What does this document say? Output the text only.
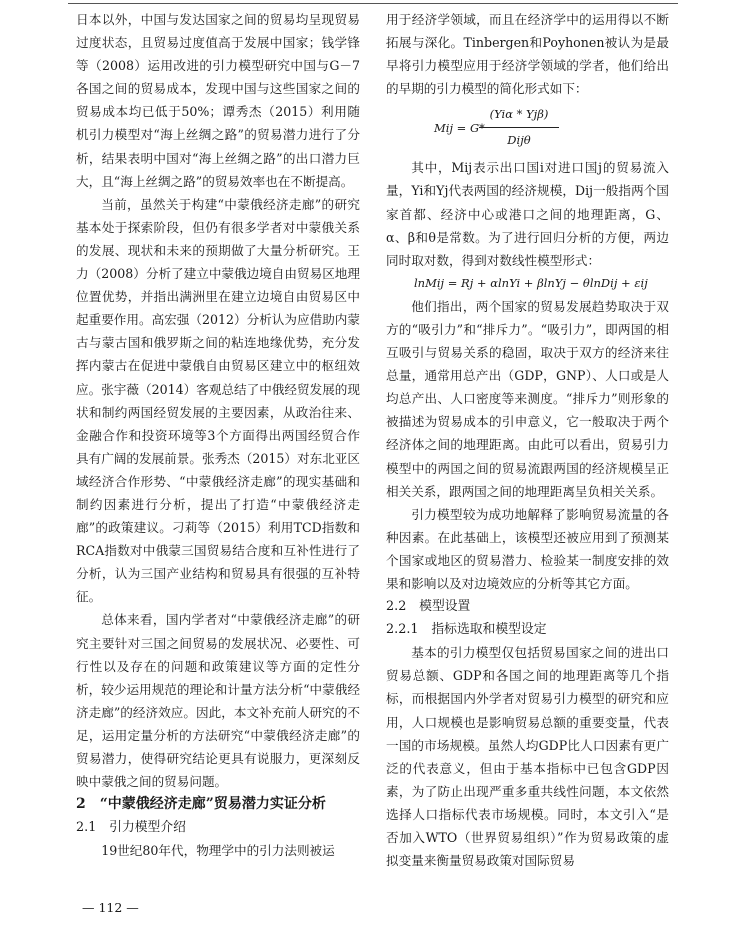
日本以外，中国与发达国家之间的贸易均呈现贸易过度状态，且贸易过度值高于发展中国家；钱学锋等（2008）运用改进的引力模型研究中国与G－7各国之间的贸易成本，发现中国与这些国家之间的贸易成本均已低于50%；谭秀杰（2015）利用随机引力模型对“海上丝绸之路”的贸易潜力进行了分析，结果表明中国对“海上丝绸之路”的出口潜力巨大，且“海上丝绸之路”的贸易效率也在不断提高。

当前，虽然关于构建“中蒙俄经济走廊”的研究基本处于探索阶段，但仍有很多学者对中蒙俄关系的发展、现状和未来的预期做了大量分析研究。王力（2008）分析了建立中蒙俄边境自由贸易区地理位置优势，并指出满洲里在建立边境自由贸易区中起重要作用。高宏强（2012）分析认为应借助内蒙古与蒙古国和俄罗斯之间的粘连地缘优势，充分发挥内蒙古在促进中蒙俄自由贸易区建立中的枢纽效应。张宇薇（2014）客观总结了中俄经贸发展的现状和制约两国经贸发展的主要因素，从政治往来、金融合作和投资环境等3个方面得出两国经贸合作具有广阔的发展前景。张秀杰（2015）对东北亚区域经济合作形势、“中蒙俄经济走廊”的现实基础和制约因素进行分析，提出了打造“中蒙俄经济走廊”的政策建议。刁莉等（2015）利用TCD指数和RCA指数对中俄蒙三国贸易结合度和互补性进行了分析，认为三国产业结构和贸易具有很强的互补特征。

总体来看，国内学者对“中蒙俄经济走廊”的研究主要针对三国之间贸易的发展状况、必要性、可行性以及存在的问题和政策建议等方面的定性分析，较少运用规范的理论和计量方法分析“中蒙俄经济走廊”的经济效应。因此，本文补充前人研究的不足，运用定量分析的方法研究“中蒙俄经济走廊”的贸易潜力，使得研究结论更具有说服力，更深刻反映中蒙俄之间的贸易问题。

2　“中蒙俄经济走廊”贸易潜力实证分析

2.1　引力模型介绍

19世纪80年代，物理学中的引力法则被运

用于经济学领域，而且在经济学中的运用得以不断拓展与深化。Tinbergen和Poyhonen被认为是最早将引力模型应用于经济学领域的学者，他们给出的早期的引力模型的简化形式如下：

Mij = G*
(Yiα * Yjβ)
Dijθ

其中，Mij表示出口国i对进口国j的贸易流入量，Yi和Yj代表两国的经济规模，Dij一般指两个国家首都、经济中心或港口之间的地理距离，G、α、β和θ是常数。为了进行回归分析的方便，两边同时取对数，得到对数线性模型形式：

lnMij = Rj + αlnYi + βlnYj − θlnDij + εij

他们指出，两个国家的贸易发展趋势取决于双方的“吸引力”和“排斥力”。“吸引力”，即两国的相互吸引与贸易关系的稳固，取决于双方的经济来往总量，通常用总产出（GDP，GNP）、人口或是人均总产出、人口密度等来测度。“排斥力”则形象的被描述为贸易成本的引申意义，它一般取决于两个经济体之间的地理距离。由此可以看出，贸易引力模型中的两国之间的贸易流跟两国的经济规模呈正相关关系，跟两国之间的地理距离呈负相关关系。

引力模型较为成功地解释了影响贸易流量的各种因素。在此基础上，该模型还被应用到了预测某个国家或地区的贸易潜力、检验某一制度安排的效果和影响以及对边境效应的分析等其它方面。

2.2　模型设置

2.2.1　指标选取和模型设定

基本的引力模型仅包括贸易国家之间的进出口贸易总额、GDP和各国之间的地理距离等几个指标，而根据国内外学者对贸易引力模型的研究和应用，人口规模也是影响贸易总额的重要变量，代表一国的市场规模。虽然人均GDP比人口因素有更广泛的代表意义，但由于基本指标中已包含GDP因素，为了防止出现严重多重共线性问题，本文依然选择人口指标代表市场规模。同时，本文引入“是否加入WTO（世界贸易组织）”作为贸易政策的虚拟变量来衡量贸易政策对国际贸易

— 112 —
